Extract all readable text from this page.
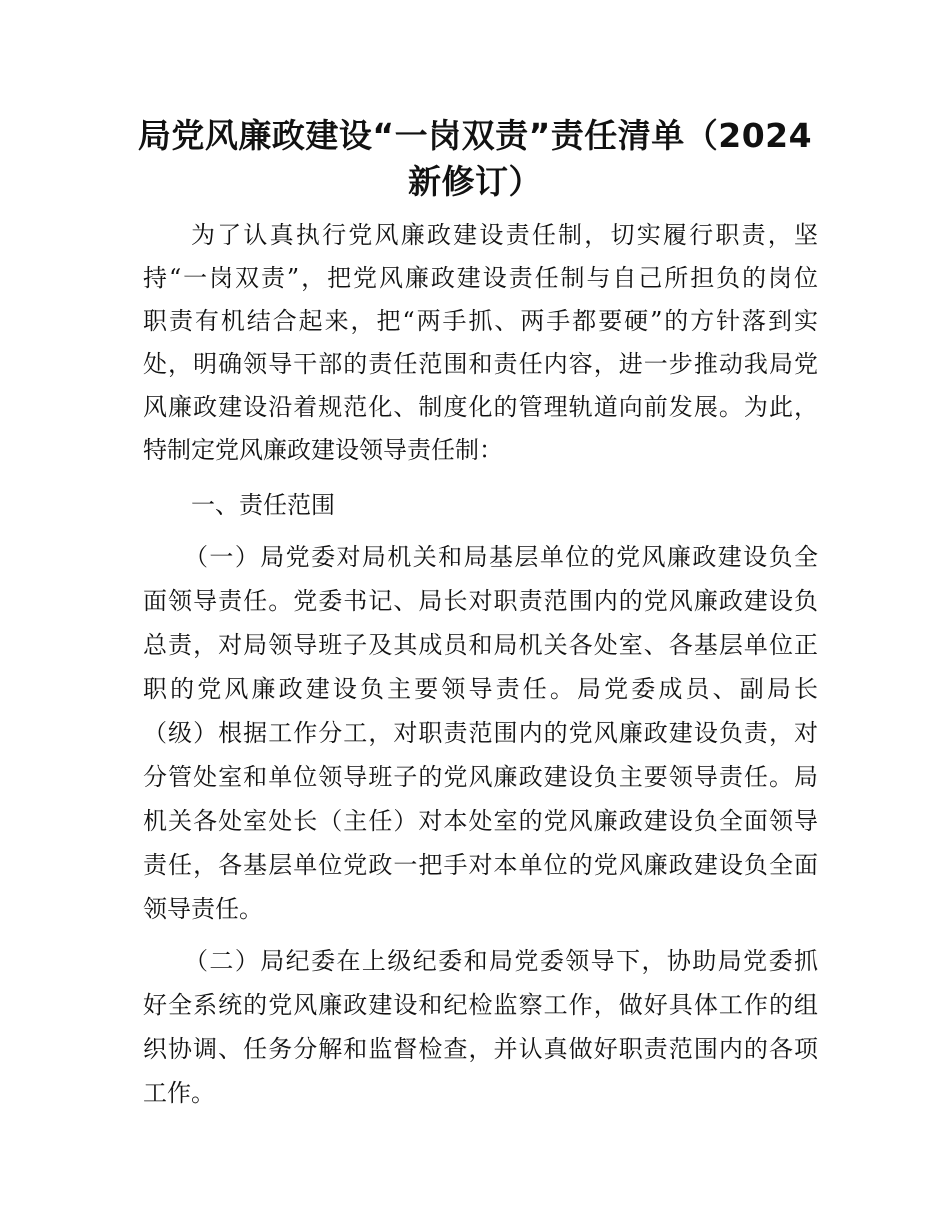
局党风廉政建设“一岗双责”责任清单（2024
新修订）

为了认真执行党风廉政建设责任制，切实履行职责，坚

持“一岗双责”，把党风廉政建设责任制与自己所担负的岗位

职责有机结合起来，把“两手抓、两手都要硬”的方针落到实

处，明确领导干部的责任范围和责任内容，进一步推动我局党

风廉政建设沿着规范化、制度化的管理轨道向前发展。为此，

特制定党风廉政建设领导责任制：

一、责任范围

（一）局党委对局机关和局基层单位的党风廉政建设负全

面领导责任。党委书记、局长对职责范围内的党风廉政建设负

总责，对局领导班子及其成员和局机关各处室、各基层单位正

职的党风廉政建设负主要领导责任。局党委成员、副局长

（级）根据工作分工，对职责范围内的党风廉政建设负责，对

分管处室和单位领导班子的党风廉政建设负主要领导责任。局

机关各处室处长（主任）对本处室的党风廉政建设负全面领导

责任，各基层单位党政一把手对本单位的党风廉政建设负全面

领导责任。

（二）局纪委在上级纪委和局党委领导下，协助局党委抓

好全系统的党风廉政建设和纪检监察工作，做好具体工作的组

织协调、任务分解和监督检查，并认真做好职责范围内的各项

工作。
